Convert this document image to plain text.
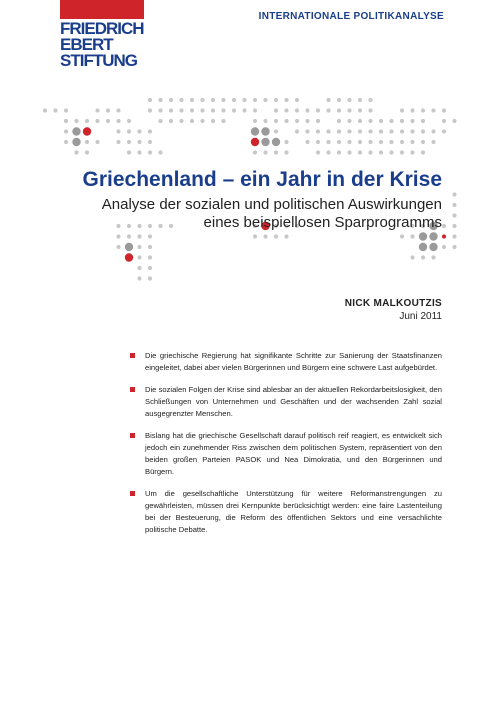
FRIEDRICH
EBERT
STIFTUNG
INTERNATIONALE POLITIKANALYSE
Griechenland – ein Jahr in der Krise
Analyse der sozialen und politischen Auswirkungen
eines beispiellosen Sparprogramms
NICK MALKOUTZIS
Juni 2011
Die griechische Regierung hat signifikante Schritte zur Sanierung der Staatsfinanzen eingeleitet, dabei aber vielen Bürgerinnen und Bürgern eine schwere Last aufgebürdet.
Die sozialen Folgen der Krise sind ablesbar an der aktuellen Rekordarbeitslosigkeit, den Schließungen von Unternehmen und Geschäften und der wachsenden Zahl sozial ausgegrenzter Menschen.
Bislang hat die griechische Gesellschaft darauf politisch reif reagiert, es entwickelt sich jedoch ein zunehmender Riss zwischen dem politischen System, repräsentiert von den beiden großen Parteien PASOK und Nea Dimokratia, und den Bürgerinnen und Bürgern.
Um die gesellschaftliche Unterstützung für weitere Reformanstrengungen zu gewährleisten, müssen drei Kernpunkte berücksichtigt werden: eine faire Lastenteilung bei der Besteuerung, die Reform des öffentlichen Sektors und eine versachlichte politische Debatte.
